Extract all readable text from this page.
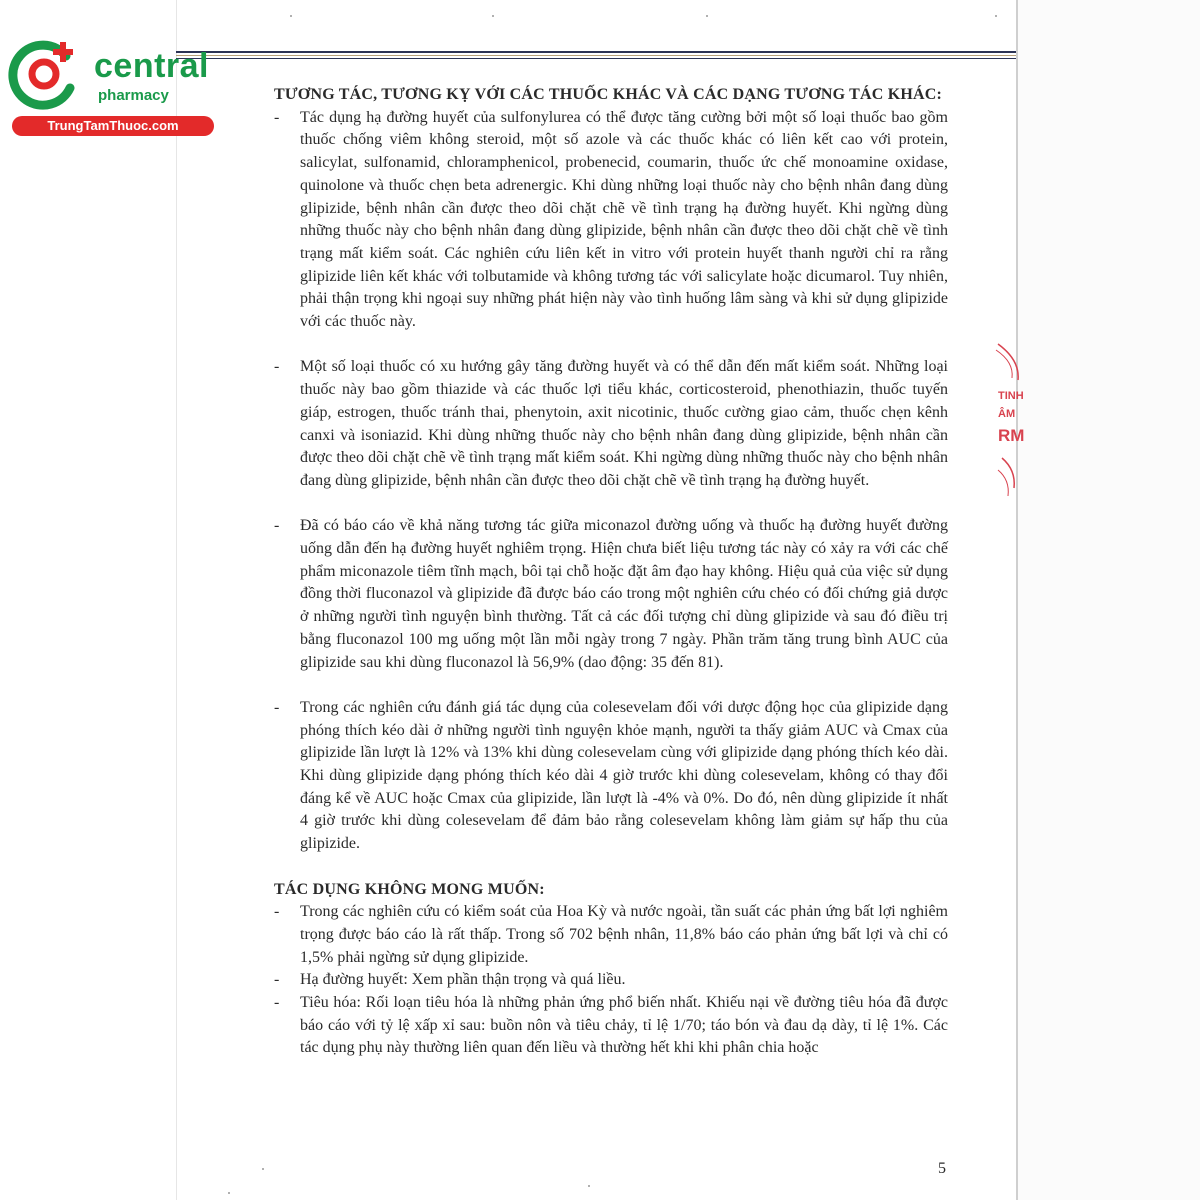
central
pharmacy
TrungTamThuoc.com
TINH
ÂM
RM
TƯƠNG TÁC, TƯƠNG KỴ VỚI CÁC THUỐC KHÁC VÀ CÁC DẠNG TƯƠNG TÁC KHÁC:
- Tác dụng hạ đường huyết của sulfonylurea có thể được tăng cường bởi một số loại thuốc bao gồm thuốc chống viêm không steroid, một số azole và các thuốc khác có liên kết cao với protein, salicylat, sulfonamid, chloramphenicol, probenecid, coumarin, thuốc ức chế monoamine oxidase, quinolone và thuốc chẹn beta adrenergic. Khi dùng những loại thuốc này cho bệnh nhân đang dùng glipizide, bệnh nhân cần được theo dõi chặt chẽ về tình trạng hạ đường huyết. Khi ngừng dùng những thuốc này cho bệnh nhân đang dùng glipizide, bệnh nhân cần được theo dõi chặt chẽ về tình trạng mất kiểm soát. Các nghiên cứu liên kết in vitro với protein huyết thanh người chỉ ra rằng glipizide liên kết khác với tolbutamide và không tương tác với salicylate hoặc dicumarol. Tuy nhiên, phải thận trọng khi ngoại suy những phát hiện này vào tình huống lâm sàng và khi sử dụng glipizide với các thuốc này.
- Một số loại thuốc có xu hướng gây tăng đường huyết và có thể dẫn đến mất kiểm soát. Những loại thuốc này bao gồm thiazide và các thuốc lợi tiểu khác, corticosteroid, phenothiazin, thuốc tuyến giáp, estrogen, thuốc tránh thai, phenytoin, axit nicotinic, thuốc cường giao cảm, thuốc chẹn kênh canxi và isoniazid. Khi dùng những thuốc này cho bệnh nhân đang dùng glipizide, bệnh nhân cần được theo dõi chặt chẽ về tình trạng mất kiểm soát. Khi ngừng dùng những thuốc này cho bệnh nhân đang dùng glipizide, bệnh nhân cần được theo dõi chặt chẽ về tình trạng hạ đường huyết.
- Đã có báo cáo về khả năng tương tác giữa miconazol đường uống và thuốc hạ đường huyết đường uống dẫn đến hạ đường huyết nghiêm trọng. Hiện chưa biết liệu tương tác này có xảy ra với các chế phẩm miconazole tiêm tĩnh mạch, bôi tại chỗ hoặc đặt âm đạo hay không. Hiệu quả của việc sử dụng đồng thời fluconazol và glipizide đã được báo cáo trong một nghiên cứu chéo có đối chứng giả dược ở những người tình nguyện bình thường. Tất cả các đối tượng chỉ dùng glipizide và sau đó điều trị bằng fluconazol 100 mg uống một lần mỗi ngày trong 7 ngày. Phần trăm tăng trung bình AUC của glipizide sau khi dùng fluconazol là 56,9% (dao động: 35 đến 81).
- Trong các nghiên cứu đánh giá tác dụng của colesevelam đối với dược động học của glipizide dạng phóng thích kéo dài ở những người tình nguyện khỏe mạnh, người ta thấy giảm AUC và Cmax của glipizide lần lượt là 12% và 13% khi dùng colesevelam cùng với glipizide dạng phóng thích kéo dài. Khi dùng glipizide dạng phóng thích kéo dài 4 giờ trước khi dùng colesevelam, không có thay đổi đáng kể về AUC hoặc Cmax của glipizide, lần lượt là -4% và 0%. Do đó, nên dùng glipizide ít nhất 4 giờ trước khi dùng colesevelam để đảm bảo rằng colesevelam không làm giảm sự hấp thu của glipizide.
TÁC DỤNG KHÔNG MONG MUỐN:
- Trong các nghiên cứu có kiểm soát của Hoa Kỳ và nước ngoài, tần suất các phản ứng bất lợi nghiêm trọng được báo cáo là rất thấp. Trong số 702 bệnh nhân, 11,8% báo cáo phản ứng bất lợi và chỉ có 1,5% phải ngừng sử dụng glipizide.
- Hạ đường huyết: Xem phần thận trọng và quá liều.
- Tiêu hóa: Rối loạn tiêu hóa là những phản ứng phổ biến nhất. Khiếu nại về đường tiêu hóa đã được báo cáo với tỷ lệ xấp xỉ sau: buồn nôn và tiêu chảy, tỉ lệ 1/70; táo bón và đau dạ dày, tỉ lệ 1%. Các tác dụng phụ này thường liên quan đến liều và thường hết khi khi phân chia hoặc
5
